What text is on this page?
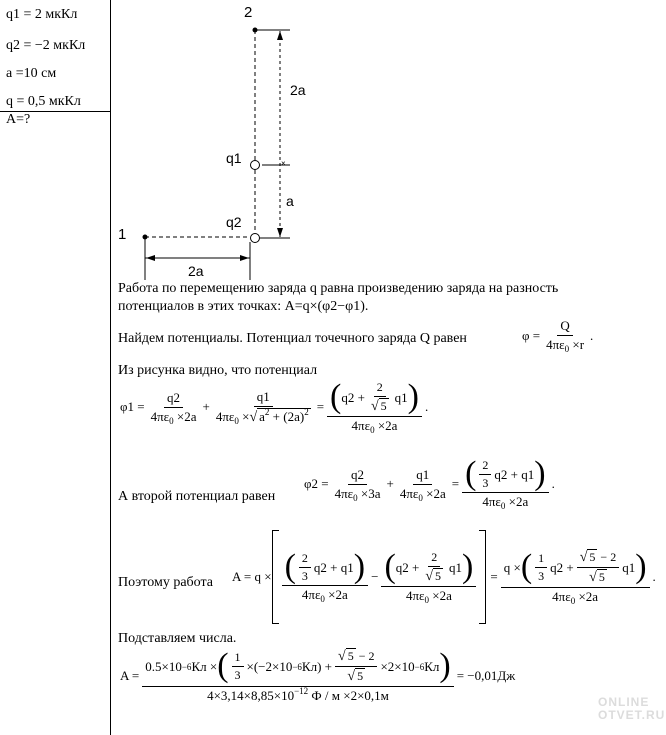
q1 = 2 мкКл
q2 = −2 мкКл
а =10 см
q = 0,5 мкКл
A=?
×
2
1
q1
q2
2а
а
2а
Работа по перемещению заряда q равна произведению заряда на разность
потенциалов в этих точках: A=q×(φ2−φ1).
Найдем потенциалы. Потенциал точечного заряда Q равен	$\varphi = \frac{Q}{4\pi\varepsilon_0 \times r}$ .
Из рисунка видно, что потенциал
$\varphi 1 = \frac{q2}{4\pi\varepsilon_0 \times 2a} + \frac{q1}{4\pi\varepsilon_0 \times√ a^2 + (2a)^2} = \frac{( q2 + \frac{2}{√ 5} q1 )}{4\pi\varepsilon_0 \times 2a}$ .
А второй потенциал равен
$\varphi 2 = \frac{q2}{4\pi\varepsilon_0 \times 3a} + \frac{q1}{4\pi\varepsilon_0 \times 2a} = \frac{( \frac{2}{3} q2 + q1 )}{4\pi\varepsilon_0 \times 2a}$ .
Поэтому работа $A = q \times \frac{( \frac{2}{3} q2 + q1 )}{4\pi\varepsilon_0 \times 2a} - \frac{( q2 + \frac{2}{√ 5} q1 )}{4\pi\varepsilon_0 \times 2a} = \frac{q \times ( \frac{1}{3} q2 + \frac{√ 5 - 2}{√ 5} q1 )}{4\pi\varepsilon_0 \times 2a}$ .
Подставляем числа.
$A = \frac{0.5\times 10 -6 Кл \times ( \frac{1}{3} \times(-2\times 10 -6 Кл) + \frac{√ 5 - 2}{√ 5} \times 2\times 10 -6 Кл )}{4\times 3,14\times 8,85\times 10^{-12} Ф / м \times 2\times 0,1м} = -0,01Дж$
ONLINE
OTVET.RU
